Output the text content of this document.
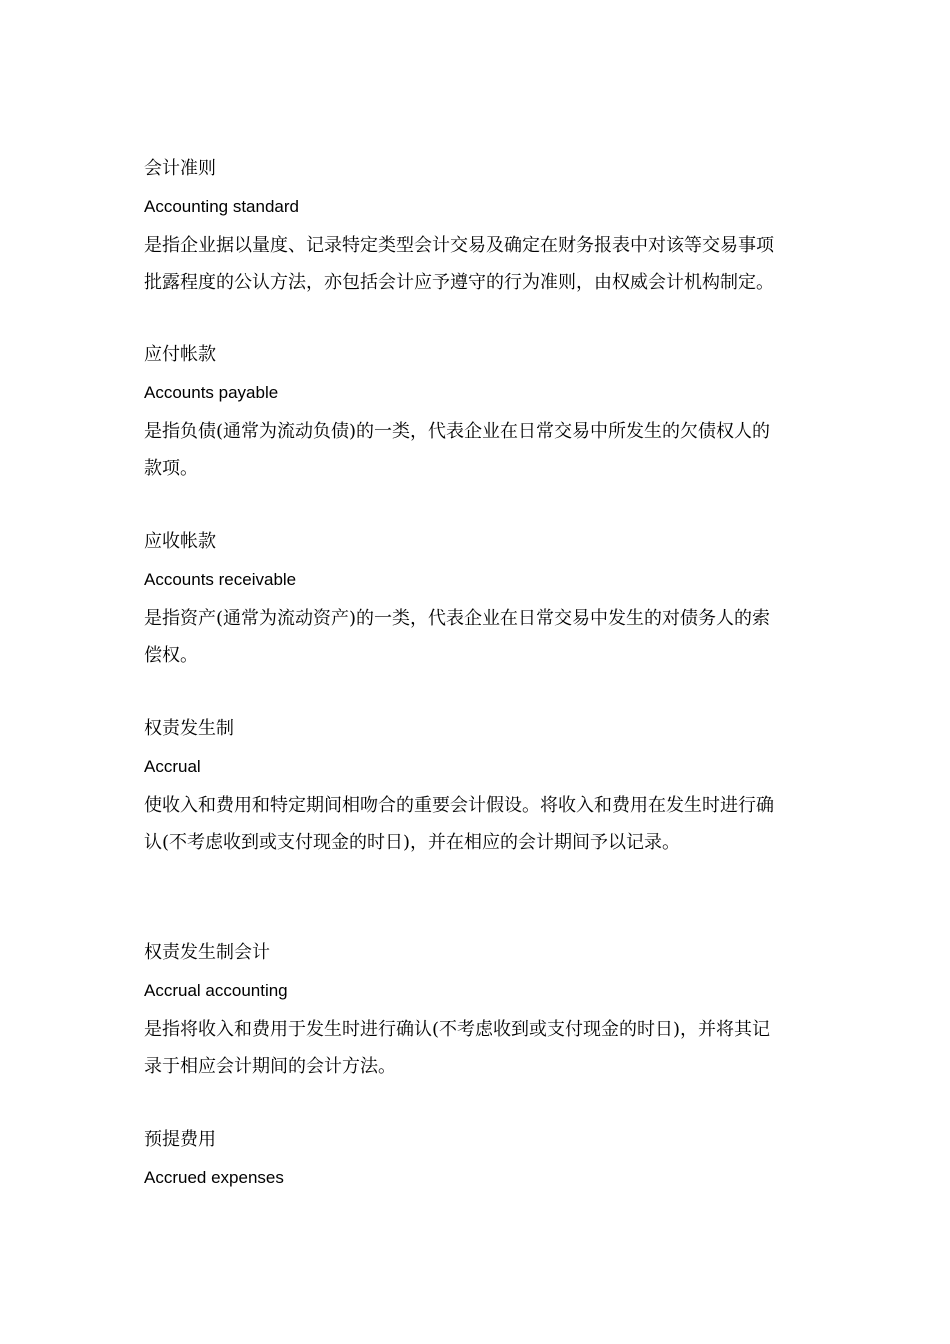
会计准则
Accounting standard
是指企业据以量度、记录特定类型会计交易及确定在财务报表中对该等交易事项
批露程度的公认方法，亦包括会计应予遵守的行为准则，由权威会计机构制定。
应付帐款
Accounts payable
是指负债(通常为流动负债)的一类，代表企业在日常交易中所发生的欠债权人的
款项。
应收帐款
Accounts receivable
是指资产(通常为流动资产)的一类，代表企业在日常交易中发生的对债务人的索
偿权。
权责发生制
Accrual
使收入和费用和特定期间相吻合的重要会计假设。将收入和费用在发生时进行确
认(不考虑收到或支付现金的时日)，并在相应的会计期间予以记录。
权责发生制会计
Accrual accounting
是指将收入和费用于发生时进行确认(不考虑收到或支付现金的时日)，并将其记
录于相应会计期间的会计方法。
预提费用
Accrued expenses
